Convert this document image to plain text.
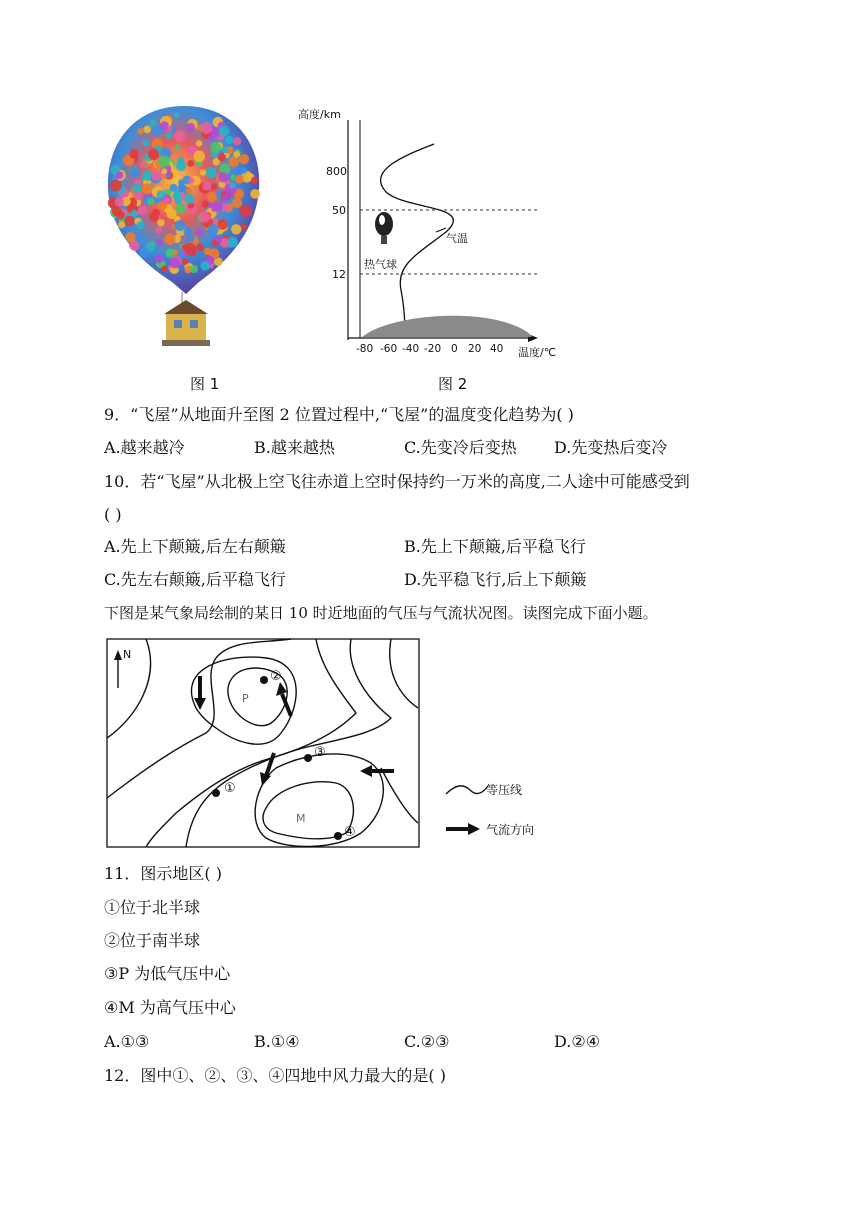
高度/km
800
50
12
气温
热气球
-80 -60 -40 -20 0 20 40 温度/℃
图 1	图 2
9．“飞屋”从地面升至图 2 位置过程中,“飞屋”的温度变化趋势为( )
A.越来越冷	B.越来越热	C.先变冷后变热 D.先变热后变冷
10．若“飞屋”从北极上空飞往赤道上空时保持约一万米的高度,二人途中可能感受到
( )
A.先上下颠簸,后左右颠簸	B.先上下颠簸,后平稳飞行
C.先左右颠簸,后平稳飞行	D.先平稳飞行,后上下颠簸
下图是某气象局绘制的某日 10 时近地面的气压与气流状况图。读图完成下面小题。
N
P
M
②
③
①
④
等压线
气流方向
11．图示地区( )
①位于北半球
②位于南半球
③P 为低气压中心
④M 为高气压中心
A.①③	B.①④	C.②③	D.②④
12．图中①、②、③、④四地中风力最大的是( )
